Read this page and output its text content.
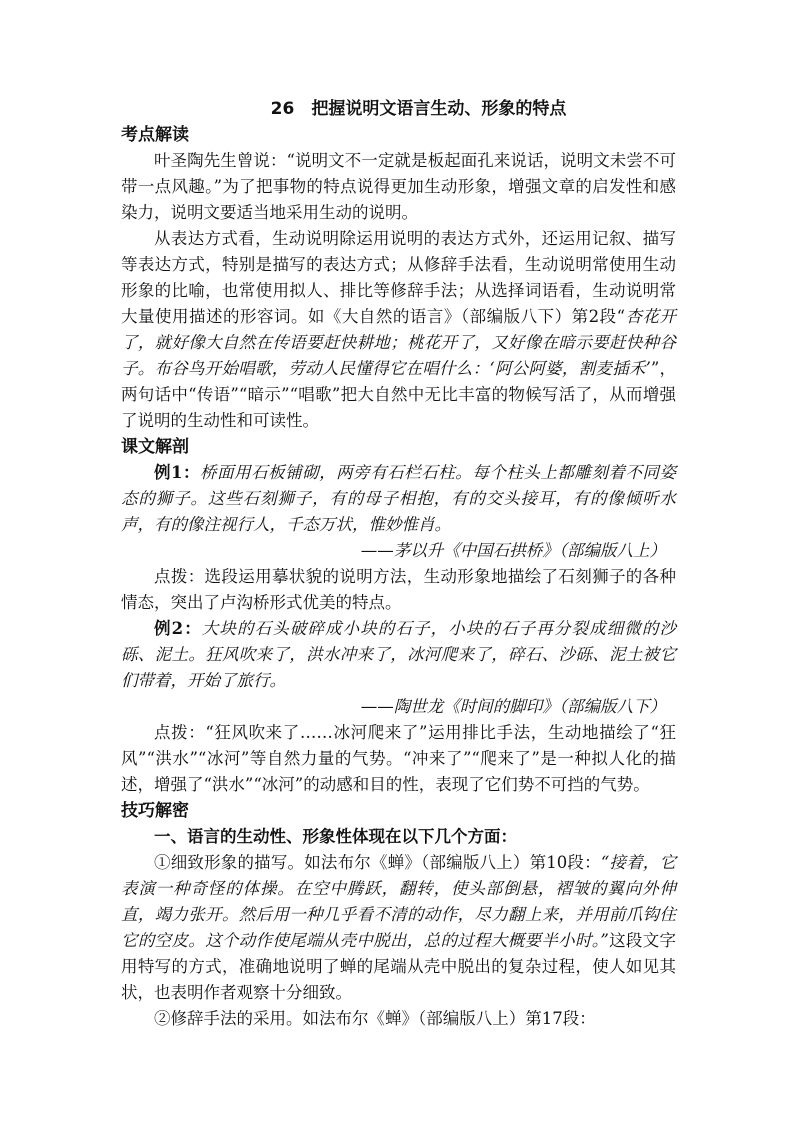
26　把握说明文语言生动、形象的特点

考点解读

叶圣陶先生曾说：“说明文不一定就是板起面孔来说话，说明文未尝不可带一点风趣。”为了把事物的特点说得更加生动形象，增强文章的启发性和感染力，说明文要适当地采用生动的说明。

从表达方式看，生动说明除运用说明的表达方式外，还运用记叙、描写等表达方式，特别是描写的表达方式；从修辞手法看，生动说明常使用生动形象的比喻，也常使用拟人、排比等修辞手法；从选择词语看，生动说明常大量使用描述的形容词。如《大自然的语言》（部编版八下）第2段“杏花开了，就好像大自然在传语要赶快耕地；桃花开了，又好像在暗示要赶快种谷子。布谷鸟开始唱歌，劳动人民懂得它在唱什么：‘阿公阿婆，割麦插禾’”，两句话中“传语”“暗示”“唱歌”把大自然中无比丰富的物候写活了，从而增强了说明的生动性和可读性。

课文解剖

例1：桥面用石板铺砌，两旁有石栏石柱。每个柱头上都雕刻着不同姿态的狮子。这些石刻狮子，有的母子相抱，有的交头接耳，有的像倾听水声，有的像注视行人，千态万状，惟妙惟肖。

——茅以升《中国石拱桥》（部编版八上）

点拨：选段运用摹状貌的说明方法，生动形象地描绘了石刻狮子的各种情态，突出了卢沟桥形式优美的特点。

例2：大块的石头破碎成小块的石子，小块的石子再分裂成细微的沙砾、泥土。狂风吹来了，洪水冲来了，冰河爬来了，碎石、沙砾、泥土被它们带着，开始了旅行。

——陶世龙《时间的脚印》（部编版八下）

点拨：“狂风吹来了……冰河爬来了”运用排比手法，生动地描绘了“狂风”“洪水”“冰河”等自然力量的气势。“冲来了”“爬来了”是一种拟人化的描述，增强了“洪水”“冰河”的动感和目的性，表现了它们势不可挡的气势。

技巧解密

一、语言的生动性、形象性体现在以下几个方面：

①细致形象的描写。如法布尔《蝉》（部编版八上）第10段：“接着，它表演一种奇怪的体操。在空中腾跃，翻转，使头部倒悬，褶皱的翼向外伸直，竭力张开。然后用一种几乎看不清的动作，尽力翻上来，并用前爪钩住它的空皮。这个动作使尾端从壳中脱出，总的过程大概要半小时。”这段文字用特写的方式，准确地说明了蝉的尾端从壳中脱出的复杂过程，使人如见其状，也表明作者观察十分细致。

②修辞手法的采用。如法布尔《蝉》（部编版八上）第17段：
